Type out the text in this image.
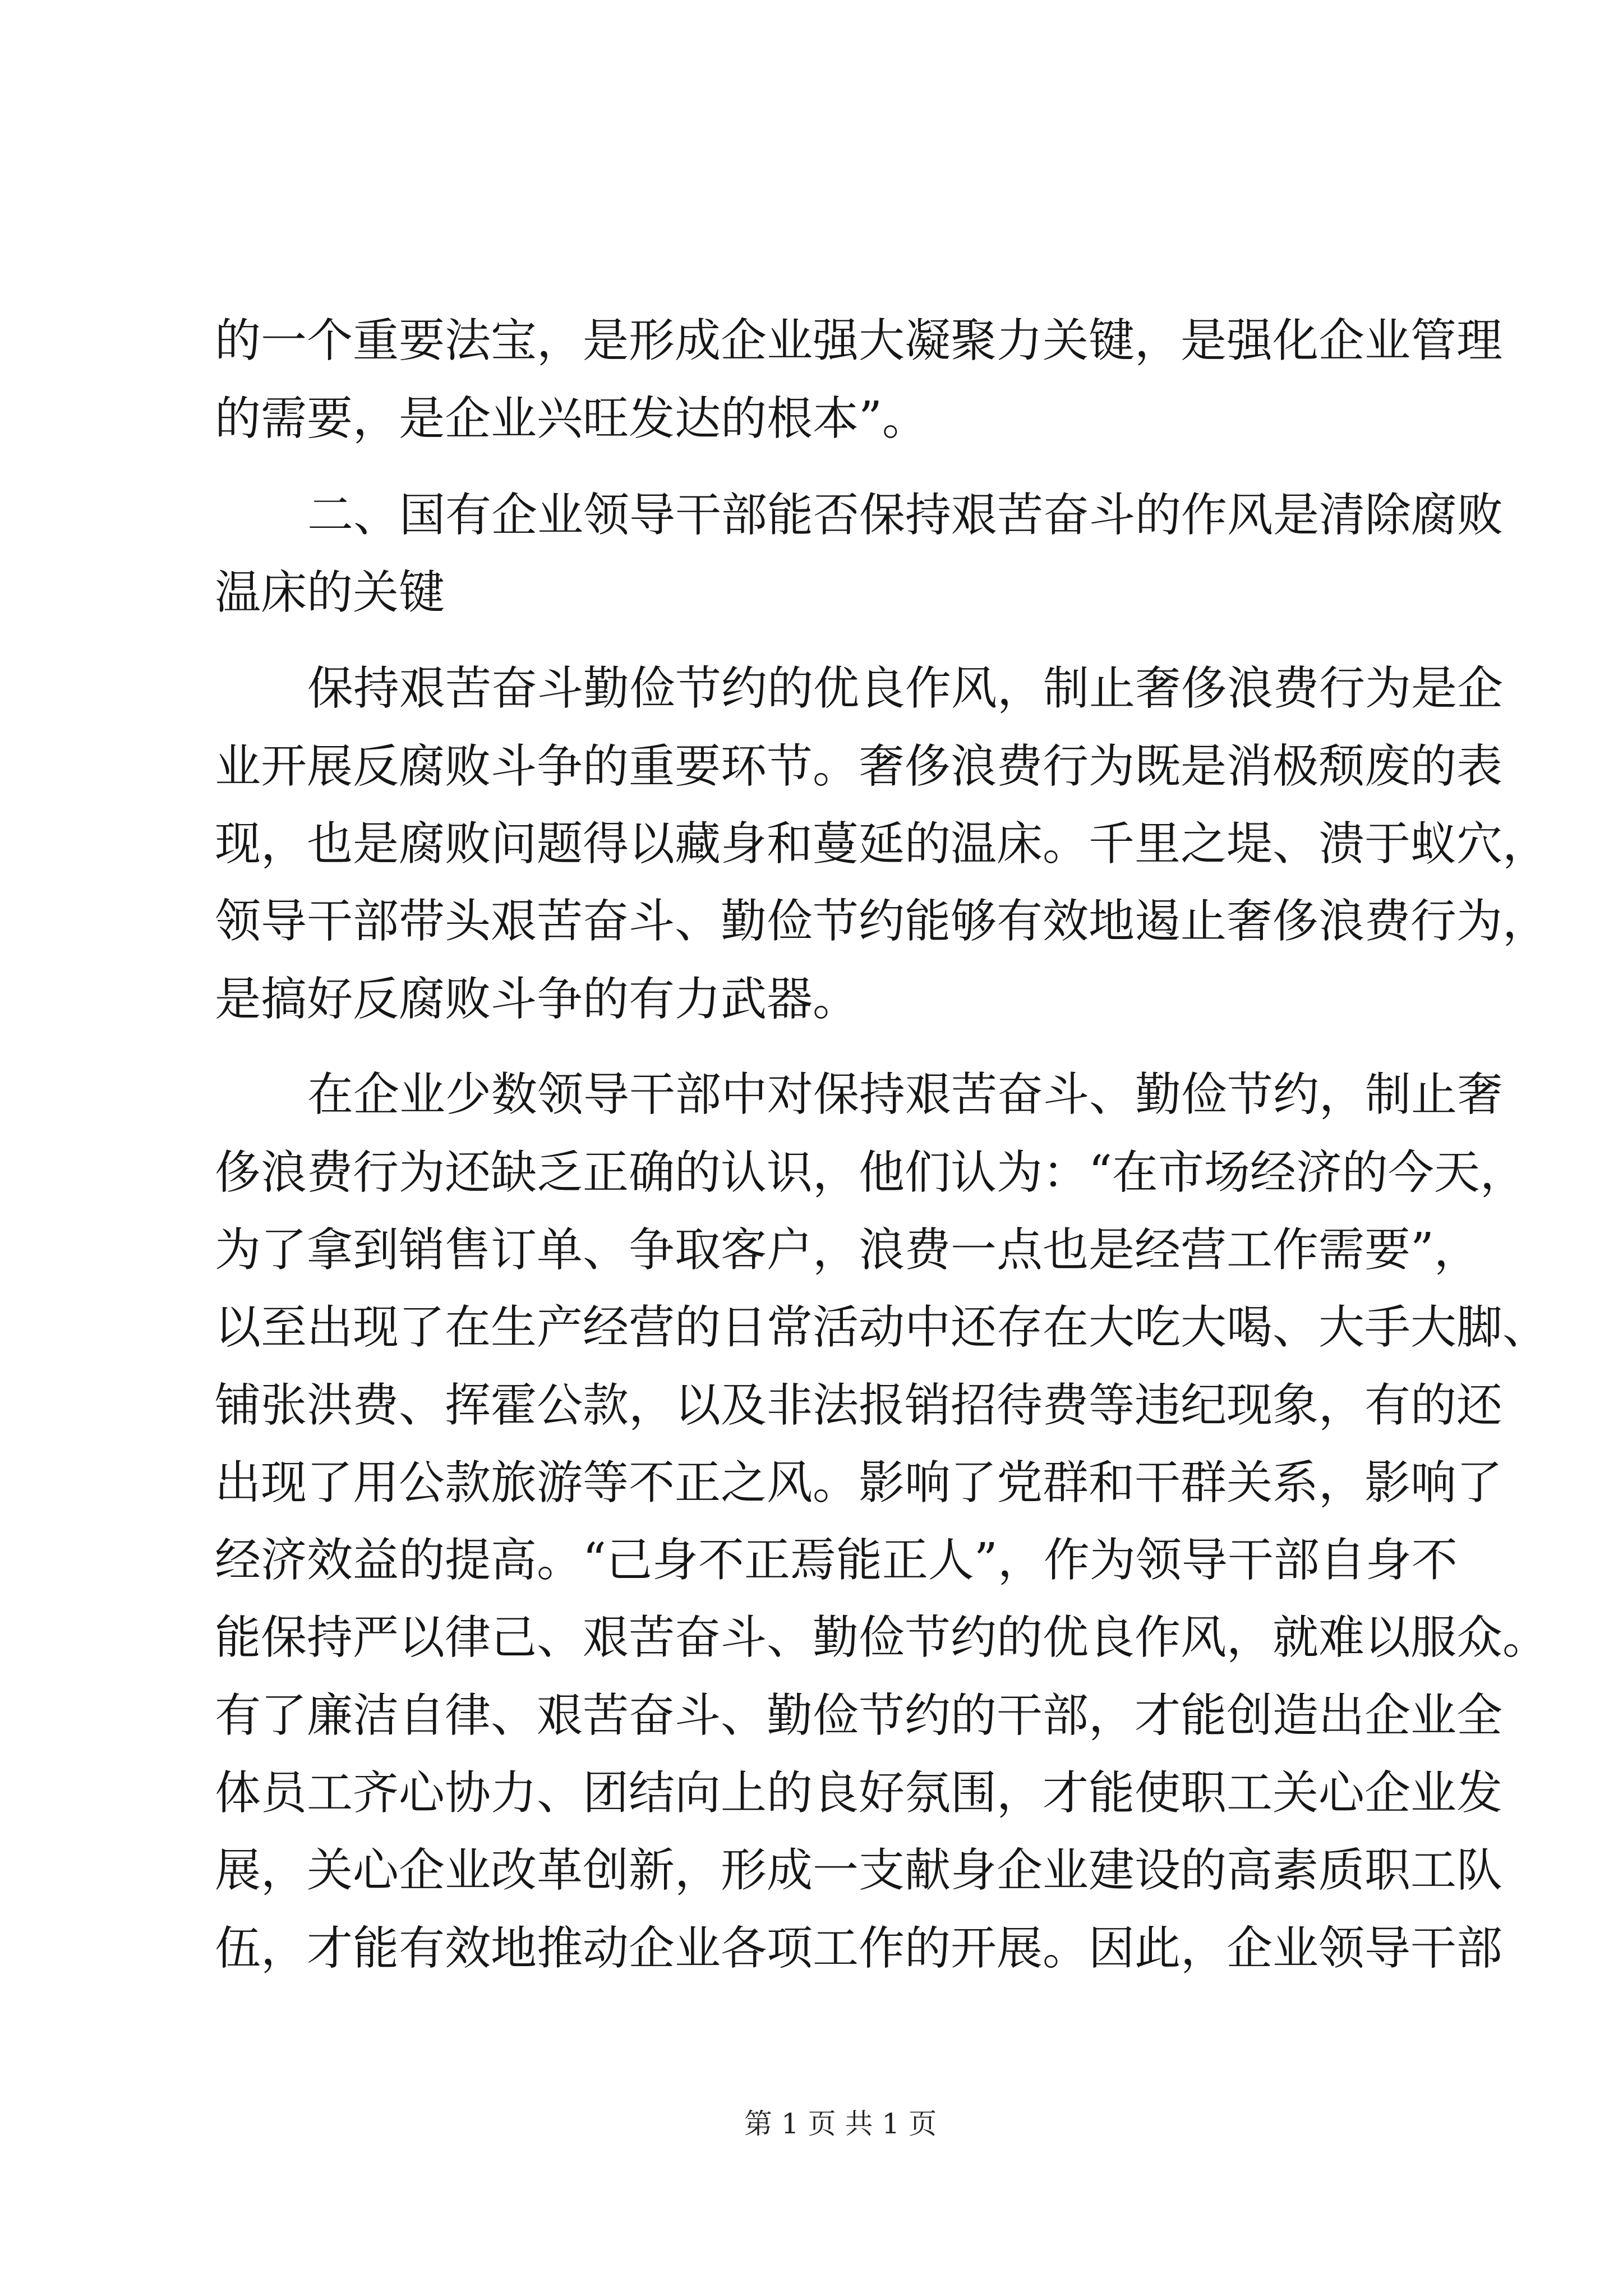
的一个重要法宝，是形成企业强大凝聚力关键，是强化企业管理

的需要，是企业兴旺发达的根本”。

二、国有企业领导干部能否保持艰苦奋斗的作风是清除腐败

温床的关键

保持艰苦奋斗勤俭节约的优良作风，制止奢侈浪费行为是企

业开展反腐败斗争的重要环节。奢侈浪费行为既是消极颓废的表

现，也是腐败问题得以藏身和蔓延的温床。千里之堤、溃于蚁穴，

领导干部带头艰苦奋斗、勤俭节约能够有效地遏止奢侈浪费行为，

是搞好反腐败斗争的有力武器。

在企业少数领导干部中对保持艰苦奋斗、勤俭节约，制止奢

侈浪费行为还缺乏正确的认识，他们认为：“在市场经济的今天，

为了拿到销售订单、争取客户，浪费一点也是经营工作需要”，

以至出现了在生产经营的日常活动中还存在大吃大喝、大手大脚、

铺张洪费、挥霍公款，以及非法报销招待费等违纪现象，有的还

出现了用公款旅游等不正之风。影响了党群和干群关系，影响了

经济效益的提高。“己身不正焉能正人”，作为领导干部自身不

能保持严以律己、艰苦奋斗、勤俭节约的优良作风，就难以服众。

有了廉洁自律、艰苦奋斗、勤俭节约的干部，才能创造出企业全

体员工齐心协力、团结向上的良好氛围，才能使职工关心企业发

展，关心企业改革创新，形成一支献身企业建设的高素质职工队

伍，才能有效地推动企业各项工作的开展。因此，企业领导干部

第 1 页 共 1 页
